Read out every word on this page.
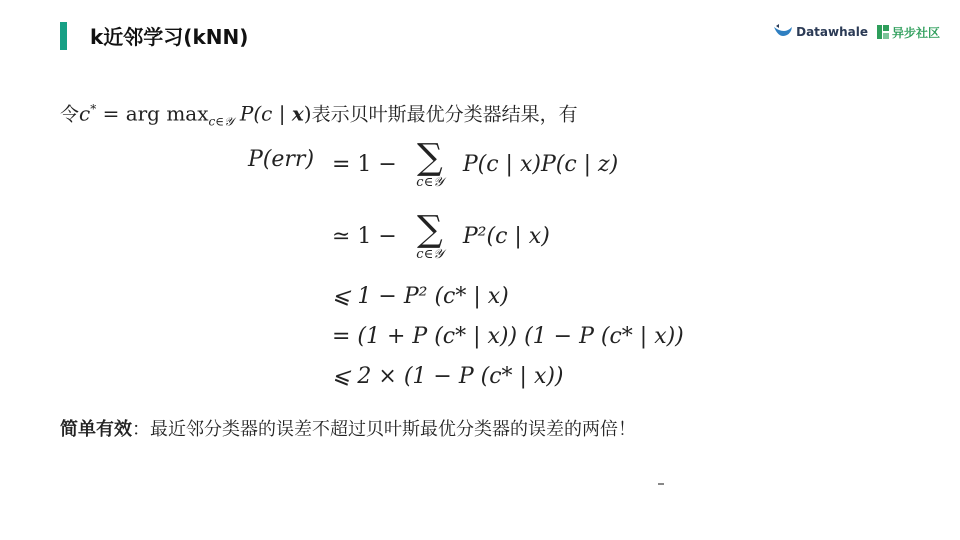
k近邻学习(kNN)	Datawhale 异步社区
令c* = arg $\max_{c\in 𝒴} P(c$ | x)表示贝叶斯最优分类器结果，有
P(err) = 1 − ∑
c∈𝒴
P(c | x)P(c | z)
≃ 1 − ∑
c∈𝒴
P²(c | x)
⩽ 1 − P² (c* | x)
= (1 + P (c* | x)) (1 − P (c* | x))
⩽ 2 × (1 − P (c* | x))
简单有效：最近邻分类器的误差不超过贝叶斯最优分类器的误差的两倍！
